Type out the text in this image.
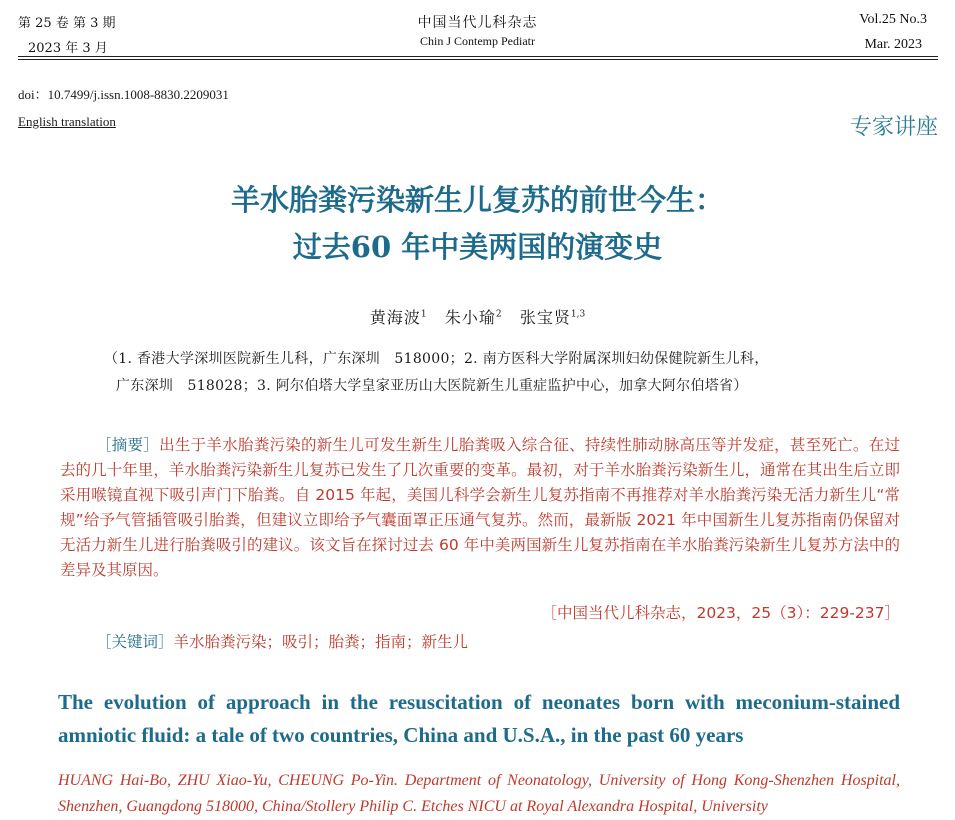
第 25 卷 第 3 期
2023 年 3 月
中国当代儿科杂志
Chin J Contemp Pediatr
Vol.25 No.3
Mar. 2023
doi：10.7499/j.issn.1008-8830.2209031
English translation	专家讲座
羊水胎粪污染新生儿复苏的前世今生：
过去60 年中美两国的演变史
黄海波$^1$ 朱小瑜$^2$ 张宝贤$^{1,3}$
（1. 香港大学深圳医院新生儿科，广东深圳　518000；2. 南方医科大学附属深圳妇幼保健院新生儿科，
广东深圳　518028；3. 阿尔伯塔大学皇家亚历山大医院新生儿重症监护中心，加拿大阿尔伯塔省）
［摘要］出生于羊水胎粪污染的新生儿可发生新生儿胎粪吸入综合征、持续性肺动脉高压等并发症，甚至死亡。在过去的几十年里，羊水胎粪污染新生儿复苏已发生了几次重要的变革。最初，对于羊水胎粪污染新生儿，通常在其出生后立即采用喉镜直视下吸引声门下胎粪。自 2015 年起，美国儿科学会新生儿复苏指南不再推荐对羊水胎粪污染无活力新生儿“常规”给予气管插管吸引胎粪，但建议立即给予气囊面罩正压通气复苏。然而，最新版 2021 年中国新生儿复苏指南仍保留对无活力新生儿进行胎粪吸引的建议。该文旨在探讨过去 60 年中美两国新生儿复苏指南在羊水胎粪污染新生儿复苏方法中的差异及其原因。
［中国当代儿科杂志，2023，25（3）：229-237］
［关键词］羊水胎粪污染；吸引；胎粪；指南；新生儿
The evolution of approach in the resuscitation of neonates born with meconium-stained amniotic fluid: a tale of two countries, China and U.S.A., in the past 60 years
HUANG Hai-Bo, ZHU Xiao-Yu, CHEUNG Po-Yin. Department of Neonatology, University of Hong Kong-Shenzhen Hospital, Shenzhen, Guangdong 518000, China/Stollery Philip C. Etches NICU at Royal Alexandra Hospital, University
